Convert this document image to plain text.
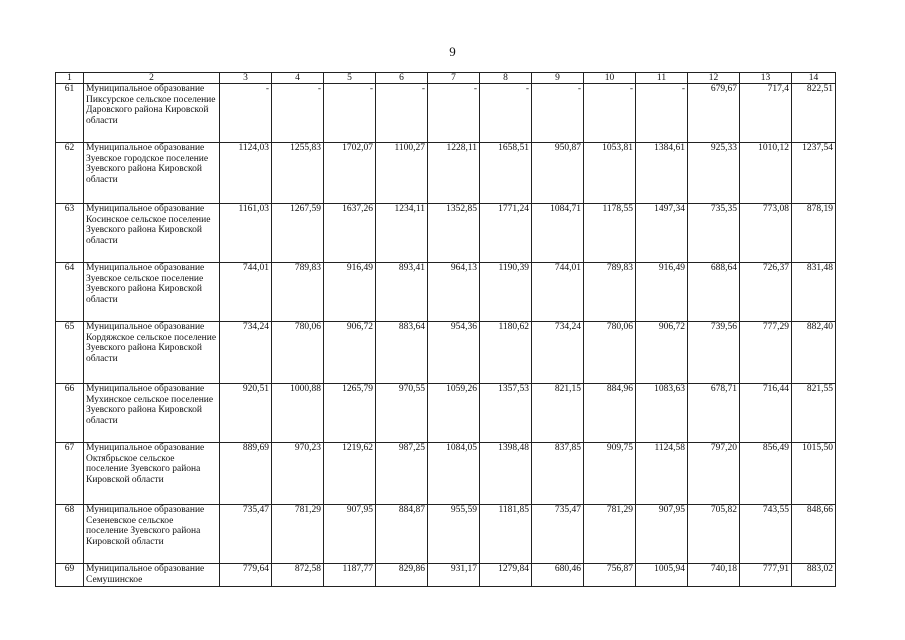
9
1	2	3	4	5	6	7	8	9	10	11	12	13	14
61	Муниципальное образование Пикcурское сельское поселение Даровского района Кировской области	-	-	-	-	-	-	-	-	-	679,67	717,4	822,51
62	Муниципальное образование Зуевское городское поселение Зуевского района Кировской области	1124,03	1255,83	1702,07	1100,27	1228,11	1658,51	950,87	1053,81	1384,61	925,33	1010,12	1237,54
63	Муниципальное образование Косинское сельское поселение Зуевского района Кировской области	1161,03	1267,59	1637,26	1234,11	1352,85	1771,24	1084,71	1178,55	1497,34	735,35	773,08	878,19
64	Муниципальное образование Зуевское сельское поселение Зуевского района Кировской области	744,01	789,83	916,49	893,41	964,13	1190,39	744,01	789,83	916,49	688,64	726,37	831,48
65	Муниципальное образование Кордяжское сельское поселение Зуевского района Кировской области	734,24	780,06	906,72	883,64	954,36	1180,62	734,24	780,06	906,72	739,56	777,29	882,40
66	Муниципальное образование Мухинское сельское поселение Зуевского района Кировской области	920,51	1000,88	1265,79	970,55	1059,26	1357,53	821,15	884,96	1083,63	678,71	716,44	821,55
67	Муниципальное образование Октябрьское сельское поселение Зуевского района Кировской области	889,69	970,23	1219,62	987,25	1084,05	1398,48	837,85	909,75	1124,58	797,20	856,49	1015,50
68	Муниципальное образование Сезеневское сельское поселение Зуевского района Кировской области	735,47	781,29	907,95	884,87	955,59	1181,85	735,47	781,29	907,95	705,82	743,55	848,66
69	Муниципальное образование Семушинское	779,64	872,58	1187,77	829,86	931,17	1279,84	680,46	756,87	1005,94	740,18	777,91	883,02
